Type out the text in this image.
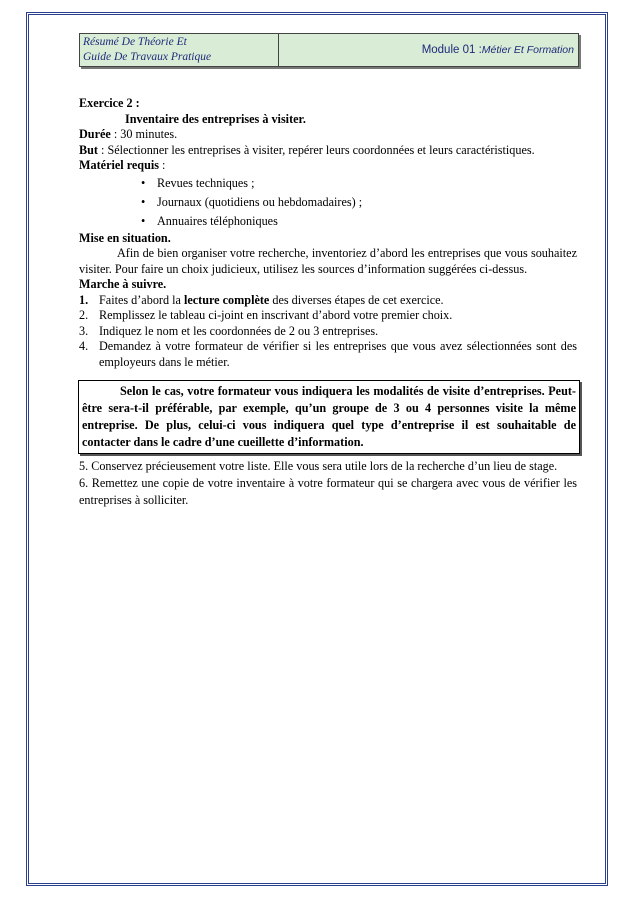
Résumé De Théorie Et
Guide De Travaux Pratique
Module 01 : Métier Et Formation

Exercice 2 :

Inventaire des entreprises à visiter.

Durée : 30 minutes.

But : Sélectionner les entreprises à visiter, repérer leurs coordonnées et leurs caractéristiques.

Matériel requis :

• Revues techniques ;
• Journaux (quotidiens ou hebdomadaires) ;
• Annuaires téléphoniques

Mise en situation.

Afin de bien organiser votre recherche, inventoriez d’abord les entreprises que vous souhaitez visiter. Pour faire un choix judicieux, utilisez les sources d’information suggérées ci-dessus.

Marche à suivre.

1. Faites d’abord la lecture complète des diverses étapes de cet exercice.
2. Remplissez le tableau ci-joint en inscrivant d’abord votre premier choix.
3. Indiquez le nom et les coordonnées de 2 ou 3 entreprises.
4. Demandez à votre formateur de vérifier si les entreprises que vous avez sélectionnées sont des employeurs dans le métier.

Selon le cas, votre formateur vous indiquera les modalités de visite d’entreprises. Peut-être sera-t-il préférable, par exemple, qu’un groupe de 3 ou 4 personnes visite la même entreprise. De plus, celui-ci vous indiquera quel type d’entreprise il est souhaitable de contacter dans le cadre d’une cueillette d’information.

5. Conservez précieusement votre liste. Elle vous sera utile lors de la recherche d’un lieu de stage.

6. Remettez une copie de votre inventaire à votre formateur qui se chargera avec vous de vérifier les entreprises à solliciter.
